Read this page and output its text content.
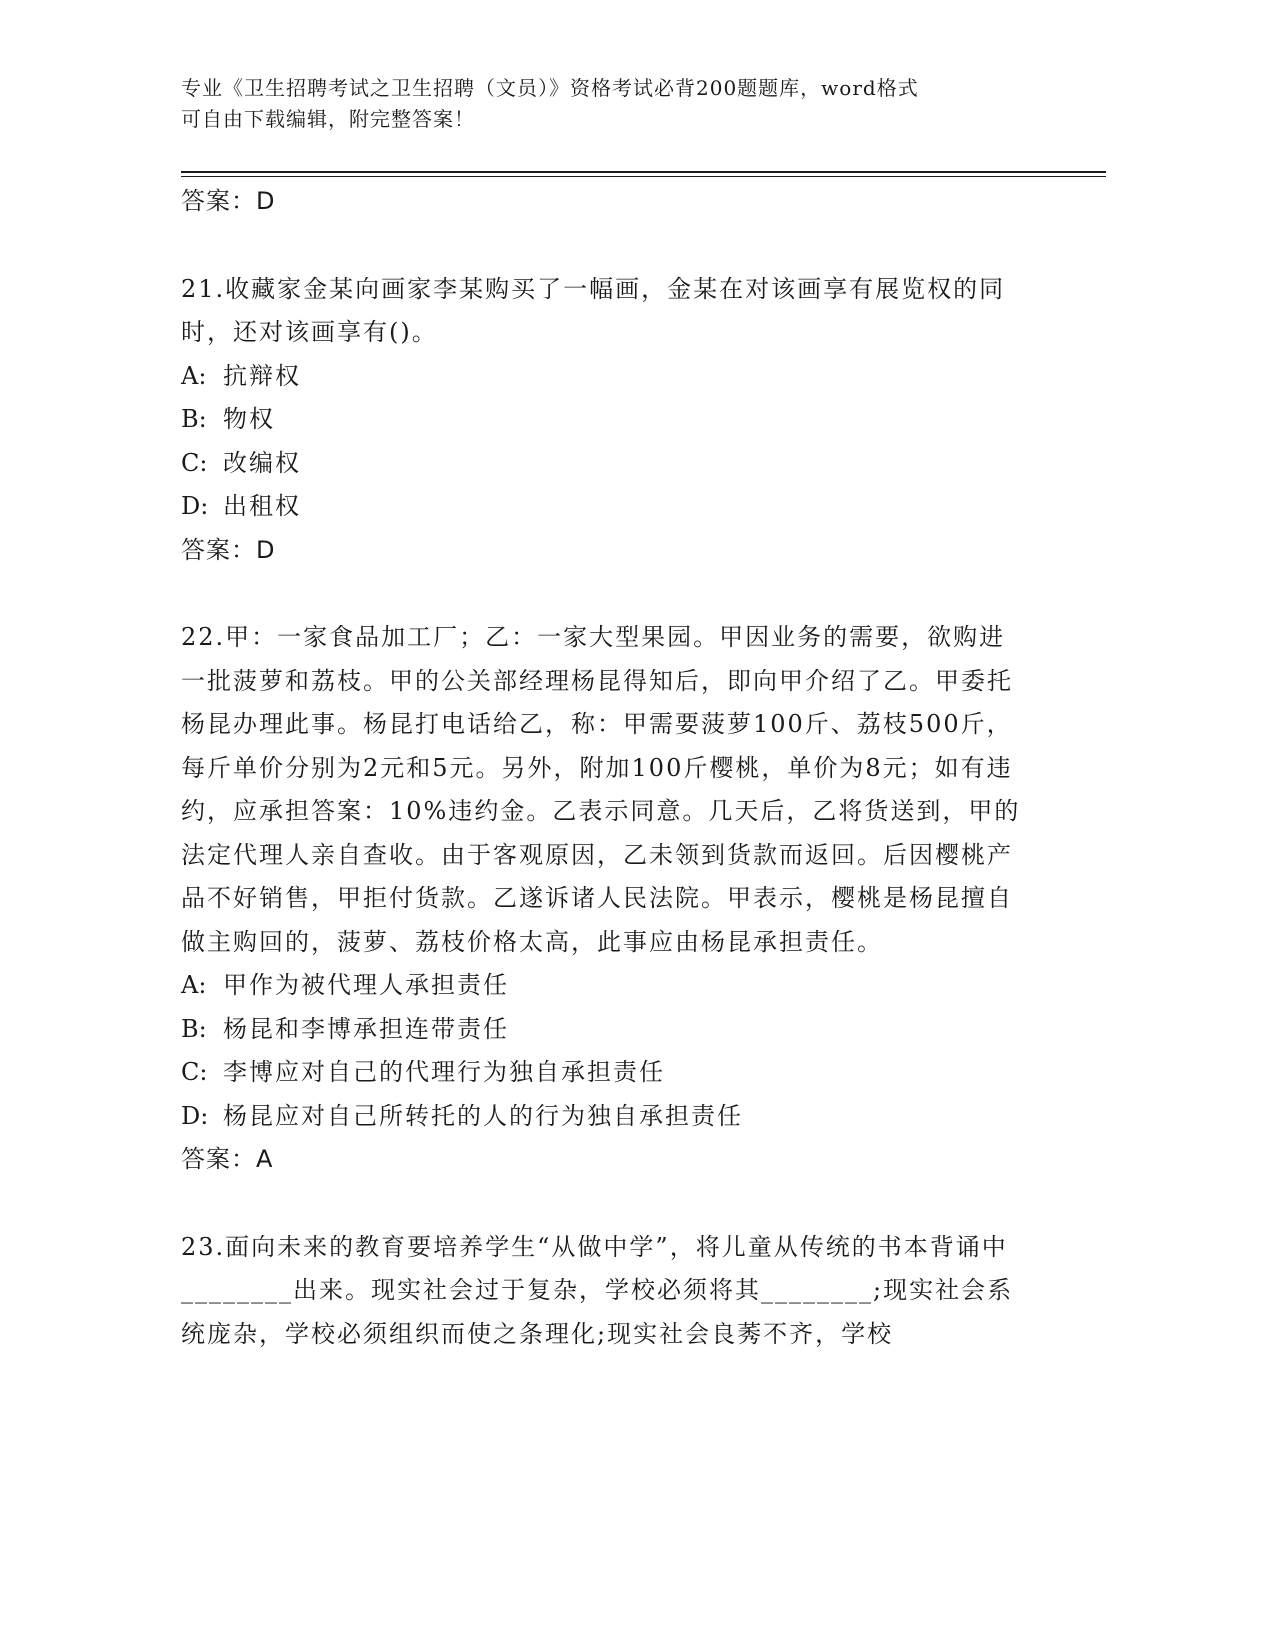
专业《卫生招聘考试之卫生招聘（文员）》资格考试必背200题题库，word格式
可自由下载编辑，附完整答案！
答案：D
21.收藏家金某向画家李某购买了一幅画，金某在对该画享有展览权的同时，还对该画享有()。
A: 抗辩权
B: 物权
C: 改编权
D: 出租权
答案：D
22.甲：一家食品加工厂；乙：一家大型果园。甲因业务的需要，欲购进一批菠萝和荔枝。甲的公关部经理杨昆得知后，即向甲介绍了乙。甲委托杨昆办理此事。杨昆打电话给乙，称：甲需要菠萝100斤、荔枝500斤，每斤单价分别为2元和5元。另外，附加100斤樱桃，单价为8元；如有违约，应承担答案：10%违约金。乙表示同意。几天后，乙将货送到，甲的法定代理人亲自查收。由于客观原因，乙未领到货款而返回。后因樱桃产品不好销售，甲拒付货款。乙遂诉诸人民法院。甲表示，樱桃是杨昆擅自做主购回的，菠萝、荔枝价格太高，此事应由杨昆承担责任。
A: 甲作为被代理人承担责任
B: 杨昆和李博承担连带责任
C: 李博应对自己的代理行为独自承担责任
D: 杨昆应对自己所转托的人的行为独自承担责任
答案：A
23.面向未来的教育要培养学生“从做中学”，将儿童从传统的书本背诵中________出来。现实社会过于复杂，学校必须将其________;现实社会系统庞杂，学校必须组织而使之条理化;现实社会良莠不齐，学校
